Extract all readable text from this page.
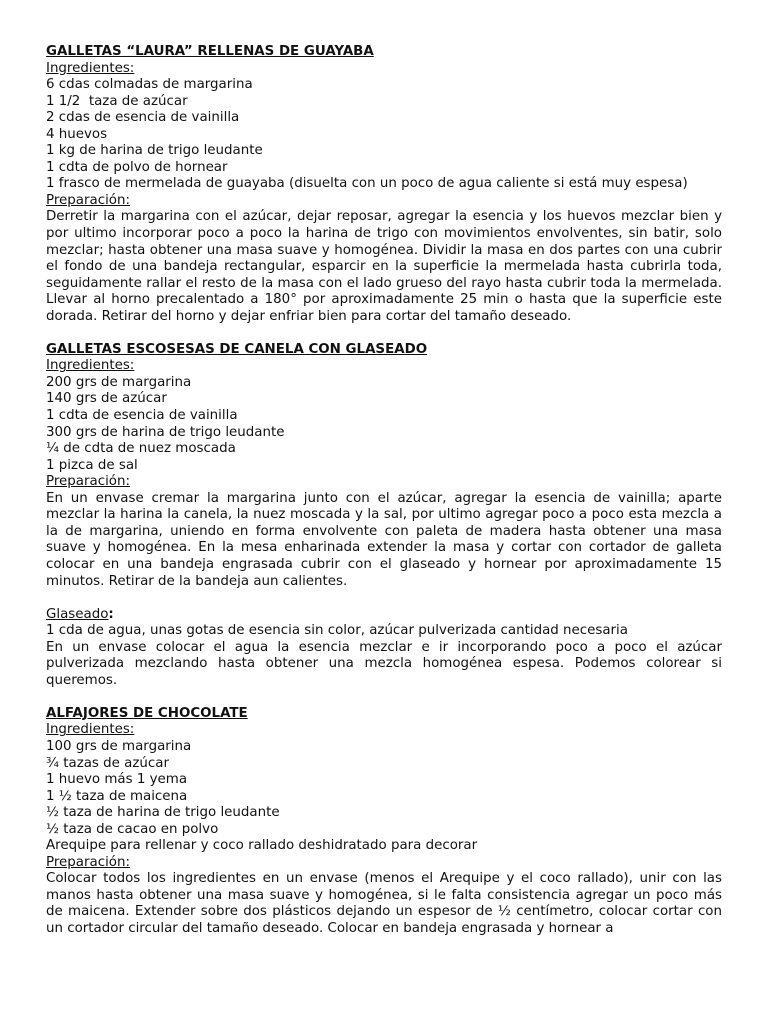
GALLETAS “LAURA” RELLENAS DE GUAYABA
Ingredientes:
6 cdas colmadas de margarina
1 1/2  taza de azúcar
2 cdas de esencia de vainilla
4 huevos
1 kg de harina de trigo leudante
1 cdta de polvo de hornear
1 frasco de mermelada de guayaba (disuelta con un poco de agua caliente si está muy espesa)
Preparación:
Derretir la margarina con el azúcar, dejar reposar, agregar la esencia y los huevos mezclar bien y por ultimo incorporar poco a poco la harina de trigo con movimientos envolventes, sin batir, solo mezclar; hasta obtener una masa suave y homogénea. Dividir la masa en dos partes con una cubrir el fondo de una bandeja rectangular, esparcir en la superficie la mermelada hasta cubrirla toda, seguidamente rallar el resto de la masa con el lado grueso del rayo hasta cubrir toda la mermelada. Llevar al horno precalentado a 180° por aproximadamente 25 min o hasta que la superficie este dorada. Retirar del horno y dejar enfriar bien para cortar del tamaño deseado.
GALLETAS ESCOSESAS DE CANELA CON GLASEADO
Ingredientes:
200 grs de margarina
140 grs de azúcar
1 cdta de esencia de vainilla
300 grs de harina de trigo leudante
¼ de cdta de nuez moscada
1 pizca de sal
Preparación:
En un envase cremar la margarina junto con el azúcar, agregar la esencia de vainilla; aparte mezclar la harina la canela, la nuez moscada y la sal, por ultimo agregar poco a poco esta mezcla a la de margarina, uniendo en forma envolvente con paleta de madera hasta obtener una masa suave y homogénea. En la mesa enharinada extender la masa y cortar con cortador de galleta colocar en una bandeja engrasada cubrir con el glaseado y hornear por aproximadamente 15 minutos. Retirar de la bandeja aun calientes.
Glaseado:
1 cda de agua, unas gotas de esencia sin color, azúcar pulverizada cantidad necesaria
En un envase colocar el agua la esencia mezclar e ir incorporando poco a poco el azúcar pulverizada mezclando hasta obtener una mezcla homogénea espesa. Podemos colorear si queremos.
ALFAJORES DE CHOCOLATE
Ingredientes:
100 grs de margarina
¾ tazas de azúcar
1 huevo más 1 yema
1 ½ taza de maicena
½ taza de harina de trigo leudante
½ taza de cacao en polvo
Arequipe para rellenar y coco rallado deshidratado para decorar
Preparación:
Colocar todos los ingredientes en un envase (menos el Arequipe y el coco rallado), unir con las manos hasta obtener una masa suave y homogénea, si le falta consistencia agregar un poco más de maicena. Extender sobre dos plásticos dejando un espesor de ½ centímetro, colocar cortar con un cortador circular del tamaño deseado. Colocar en bandeja engrasada y hornear a
